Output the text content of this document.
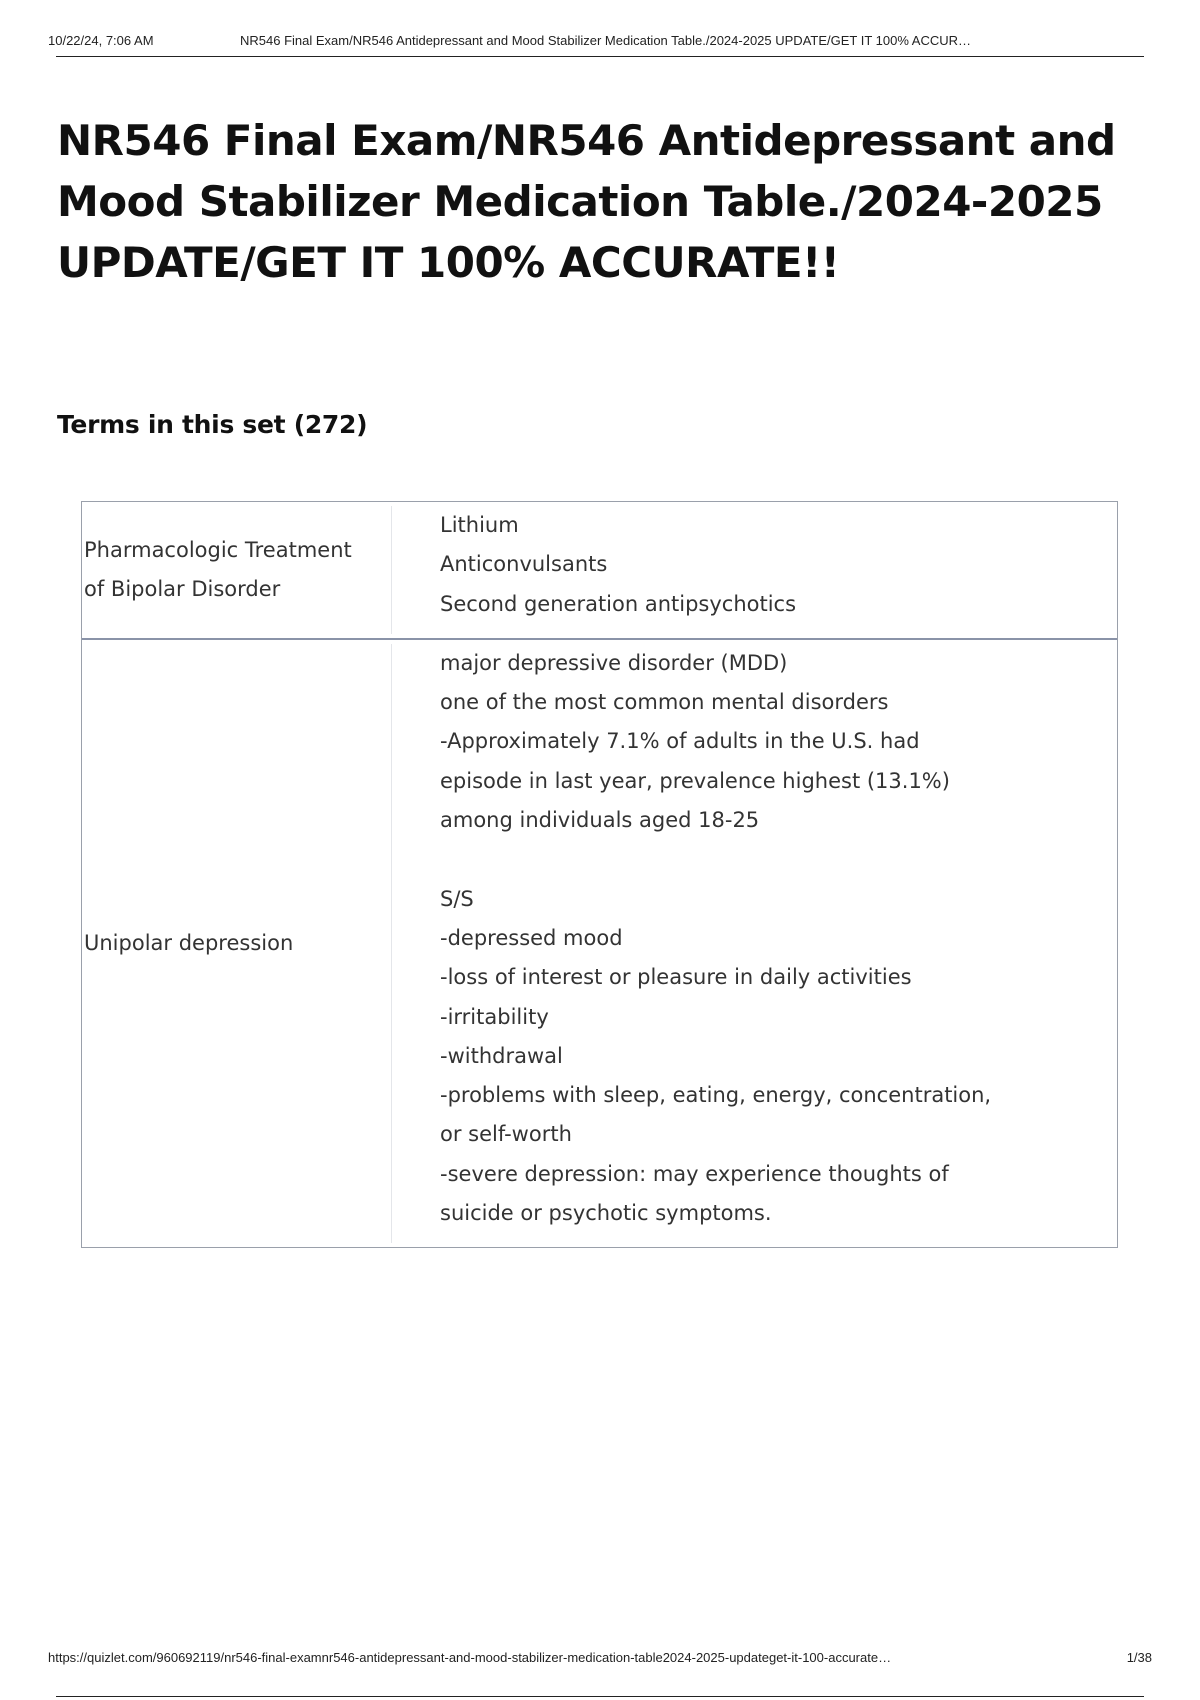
10/22/24, 7:06 AM	NR546 Final Exam/NR546 Antidepressant and Mood Stabilizer Medication Table./2024-2025 UPDATE/GET IT 100% ACCUR…
NR546 Final Exam/NR546 Antidepressant and
Mood Stabilizer Medication Table./2024-2025
UPDATE/GET IT 100% ACCURATE!!
Terms in this set (272)
Pharmacologic Treatment
of Bipolar Disorder
Lithium
Anticonvulsants
Second generation antipsychotics
Unipolar depression
major depressive disorder (MDD)
one of the most common mental disorders
-Approximately 7.1% of adults in the U.S. had
episode in last year, prevalence highest (13.1%)
among individuals aged 18-25
S/S
-depressed mood
-loss of interest or pleasure in daily activities
-irritability
-withdrawal
-problems with sleep, eating, energy, concentration,
or self-worth
-severe depression: may experience thoughts of
suicide or psychotic symptoms.
https://quizlet.com/960692119/nr546-final-examnr546-antidepressant-and-mood-stabilizer-medication-table2024-2025-updateget-it-100-accurate…	1/38
